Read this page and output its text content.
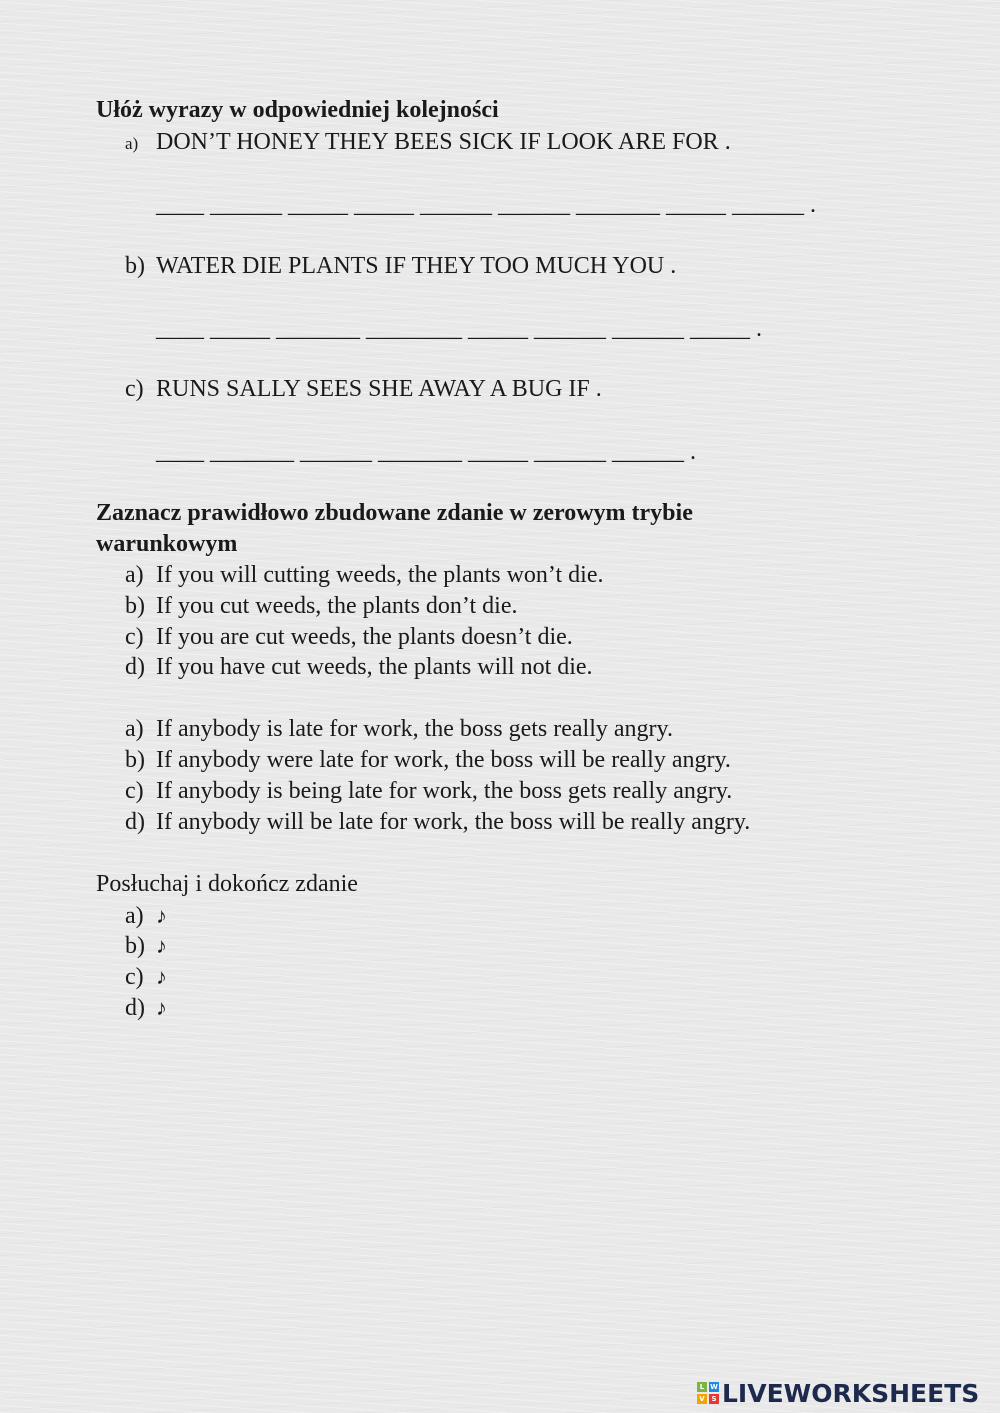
Ułóż wyrazy w odpowiedniej kolejności
a) DON’T HONEY THEY BEES SICK IF LOOK ARE FOR .
____ ______ _____ _____ ______ ______ _______ _____ ______ .
b) WATER DIE PLANTS IF THEY TOO MUCH YOU .
____ _____ _______ ________ _____ ______ ______ _____ .
c) RUNS SALLY SEES SHE AWAY A BUG IF .
____ _______ ______ _______ _____ ______ ______ .
Zaznacz prawidłowo zbudowane zdanie w zerowym trybie
warunkowym
a) If you will cutting weeds, the plants won’t die.
b) If you cut weeds, the plants don’t die.
c) If you are cut weeds, the plants doesn’t die.
d) If you have cut weeds, the plants will not die.
a) If anybody is late for work, the boss gets really angry.
b) If anybody were late for work, the boss will be really angry.
c) If anybody is being late for work, the boss gets really angry.
d) If anybody will be late for work, the boss will be really angry.
Posłuchaj i dokończ zdanie
a) ♪
b) ♪
c) ♪
d) ♪
L W
V S LIVEWORKSHEETS
